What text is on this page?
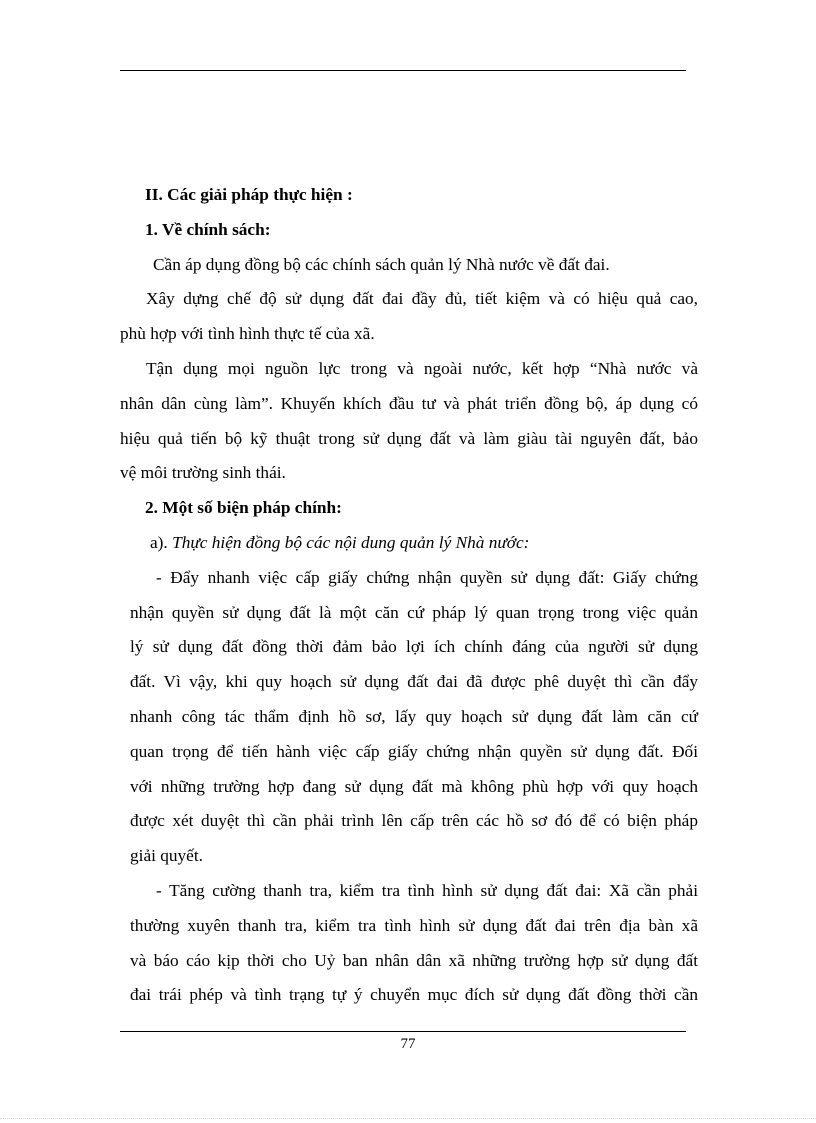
II. Các giải pháp thực hiện :
1. Về chính sách:
Cần áp dụng đồng bộ các chính sách quản lý Nhà nước về đất đai.
Xây dựng chế độ sử dụng đất đai đầy đủ, tiết kiệm và có hiệu quả cao,
phù hợp với tình hình thực tế của xã.
Tận dụng mọi nguồn lực trong và ngoài nước, kết hợp “Nhà nước và
nhân dân cùng làm”. Khuyến khích đầu tư và phát triển đồng bộ, áp dụng có
hiệu quả tiến bộ kỹ thuật trong sử dụng đất và làm giàu tài nguyên đất, bảo
vệ môi trường sinh thái.
2. Một số biện pháp chính:
a). Thực hiện đồng bộ các nội dung quản lý Nhà nước:
- Đẩy nhanh việc cấp giấy chứng nhận quyền sử dụng đất: Giấy chứng
nhận quyền sử dụng đất là một căn cứ pháp lý quan trọng trong việc quản
lý sử dụng đất đồng thời đảm bảo lợi ích chính đáng của người sử dụng
đất. Vì vậy, khi quy hoạch sử dụng đất đai đã được phê duyệt thì cần đẩy
nhanh công tác thẩm định hồ sơ, lấy quy hoạch sử dụng đất làm căn cứ
quan trọng để tiến hành việc cấp giấy chứng nhận quyền sử dụng đất. Đối
với những trường hợp đang sử dụng đất mà không phù hợp với quy hoạch
được xét duyệt thì cần phải trình lên cấp trên các hồ sơ đó để có biện pháp
giải quyết.
- Tăng cường thanh tra, kiểm tra tình hình sử dụng đất đai: Xã cần phải
thường xuyên thanh tra, kiểm tra tình hình sử dụng đất đai trên địa bàn xã
và báo cáo kịp thời cho Uỷ ban nhân dân xã những trường hợp sử dụng đất
đai trái phép và tình trạng tự ý chuyển mục đích sử dụng đất đồng thời cần
77
